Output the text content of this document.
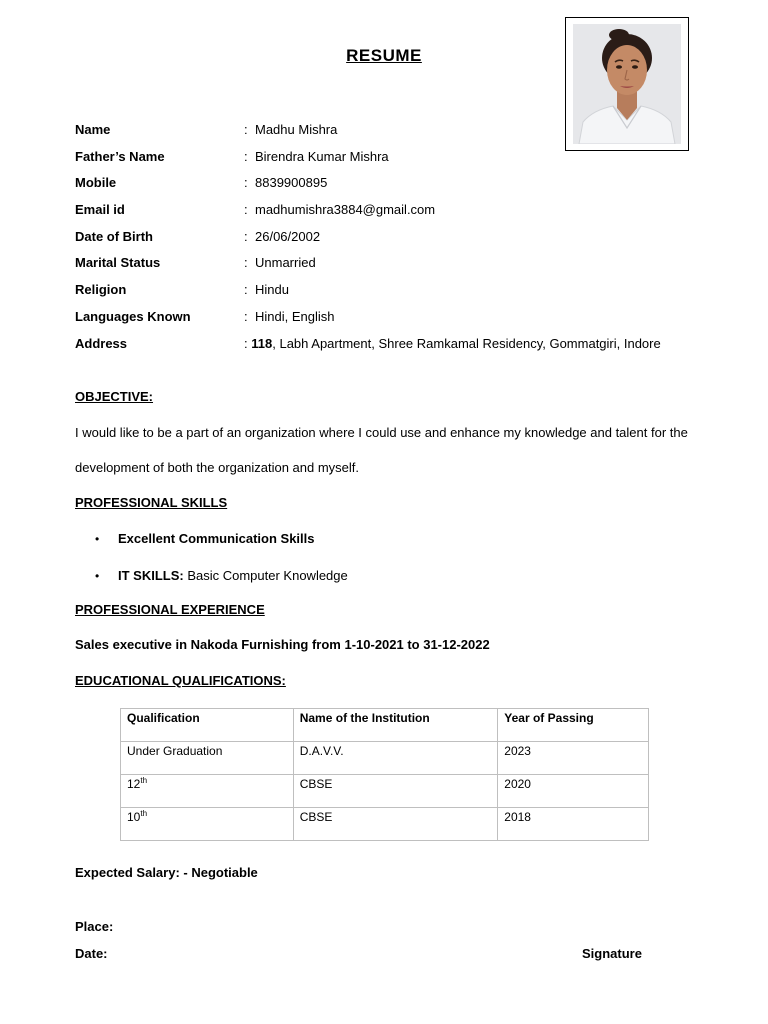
RESUME
Name	: Madhu Mishra
Father’s Name	: Birendra Kumar Mishra
Mobile	: 8839900895
Email id	: madhumishra3884@gmail.com
Date of Birth	: 26/06/2002
Marital Status	: Unmarried
Religion	: Hindu
Languages Known	: Hindi, English
Address	: 118, Labh Apartment, Shree Ramkamal Residency, Gommatgiri, Indore
OBJECTIVE:
I would like to be a part of an organization where I could use and enhance my knowledge and talent for the
development of both the organization and myself.
PROFESSIONAL SKILLS
• Excellent Communication Skills
• IT SKILLS: Basic Computer Knowledge
PROFESSIONAL EXPERIENCE
Sales executive in Nakoda Furnishing from 1-10-2021 to 31-12-2022
EDUCATIONAL QUALIFICATIONS:
Qualification	Name of the Institution	Year of Passing
Under Graduation	D.A.V.V.	2023
12th	CBSE	2020
10th	CBSE	2018
Expected Salary: - Negotiable
Place:
Date:	Signature
